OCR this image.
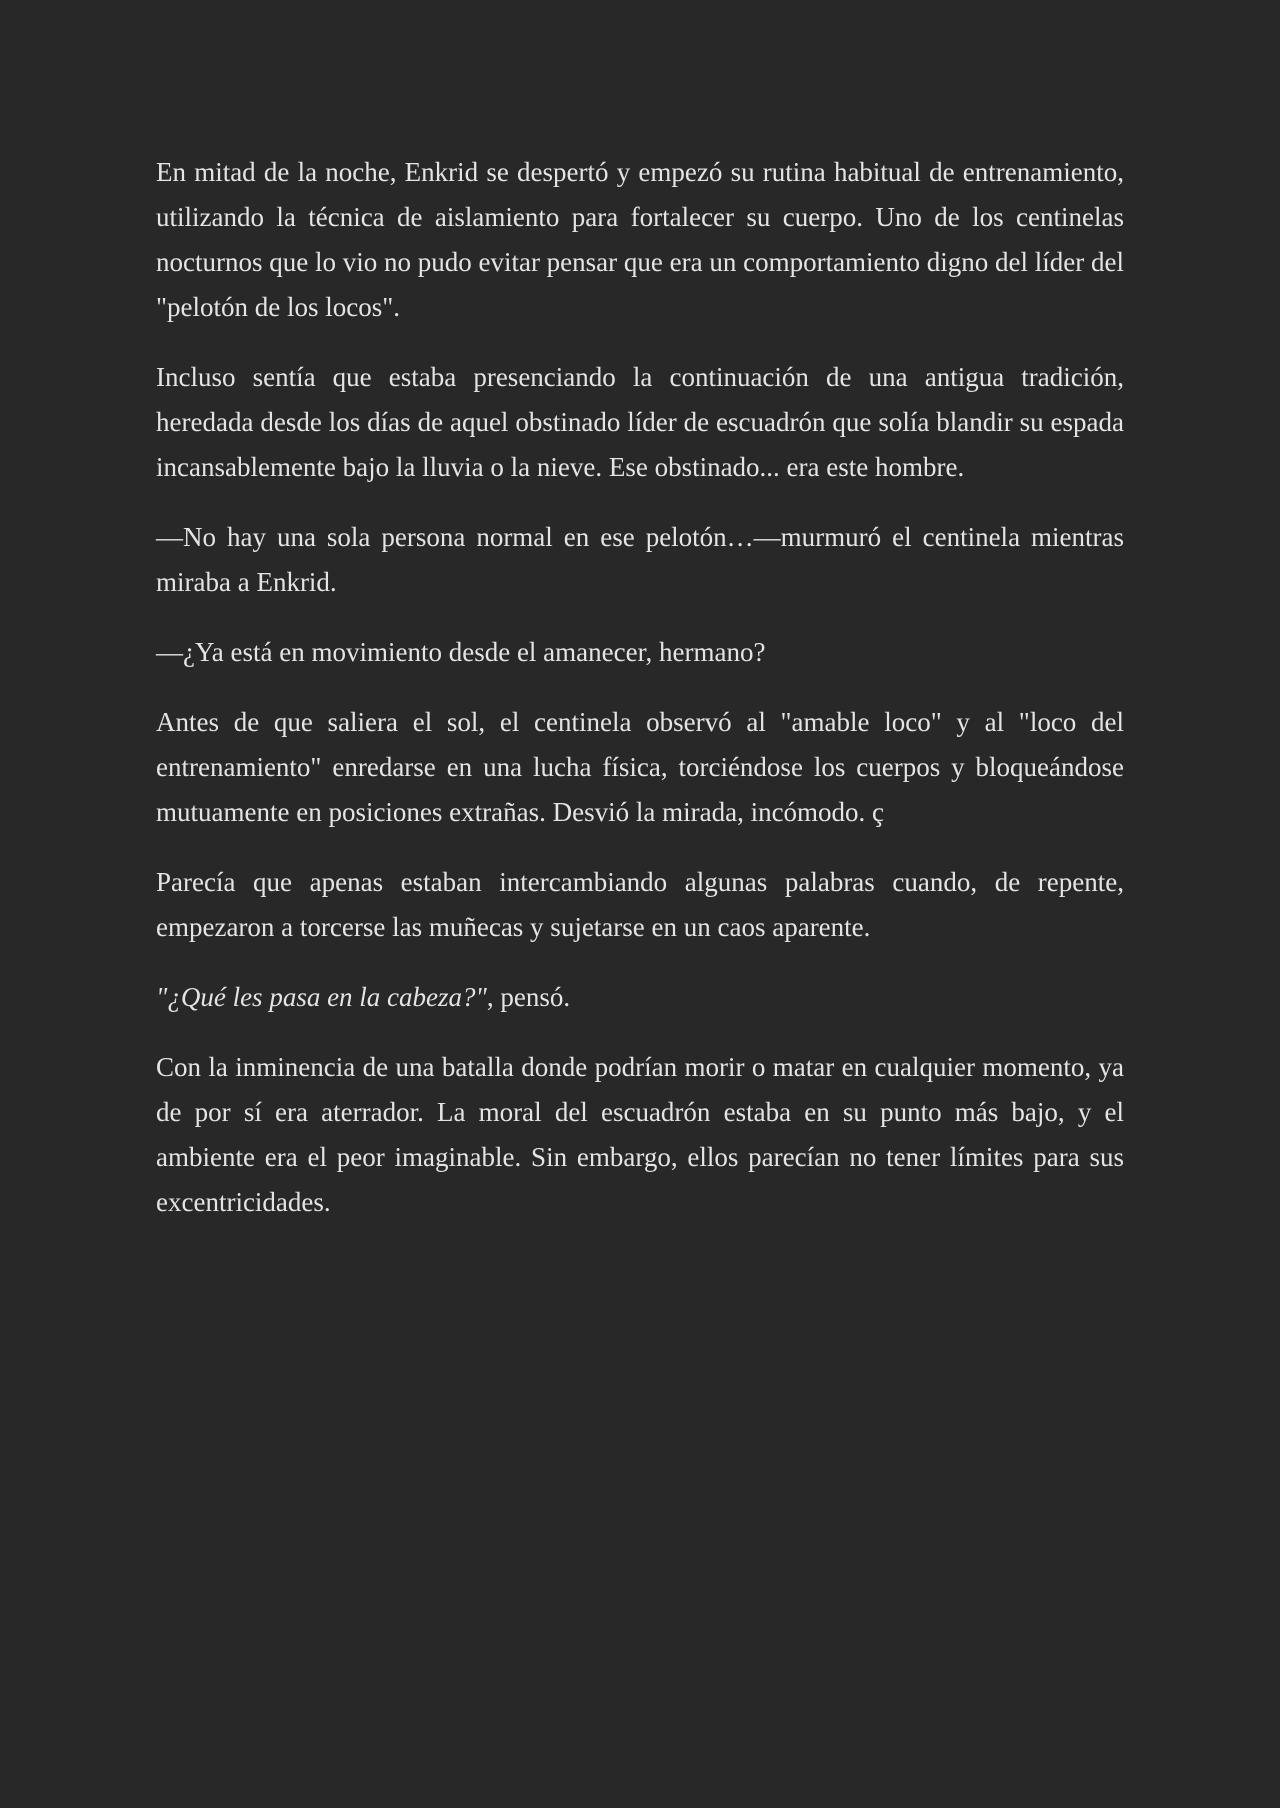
En mitad de la noche, Enkrid se despertó y empezó su rutina habitual de entrenamiento, utilizando la técnica de aislamiento para fortalecer su cuerpo. Uno de los centinelas nocturnos que lo vio no pudo evitar pensar que era un comportamiento digno del líder del "pelotón de los locos".

Incluso sentía que estaba presenciando la continuación de una antigua tradición, heredada desde los días de aquel obstinado líder de escuadrón que solía blandir su espada incansablemente bajo la lluvia o la nieve. Ese obstinado... era este hombre.

—No hay una sola persona normal en ese pelotón…—murmuró el centinela mientras miraba a Enkrid.

—¿Ya está en movimiento desde el amanecer, hermano?

Antes de que saliera el sol, el centinela observó al "amable loco" y al "loco del entrenamiento" enredarse en una lucha física, torciéndose los cuerpos y bloqueándose mutuamente en posiciones extrañas. Desvió la mirada, incómodo. ç

Parecía que apenas estaban intercambiando algunas palabras cuando, de repente, empezaron a torcerse las muñecas y sujetarse en un caos aparente.

"¿Qué les pasa en la cabeza?", pensó.

Con la inminencia de una batalla donde podrían morir o matar en cualquier momento, ya de por sí era aterrador. La moral del escuadrón estaba en su punto más bajo, y el ambiente era el peor imaginable. Sin embargo, ellos parecían no tener límites para sus excentricidades.
